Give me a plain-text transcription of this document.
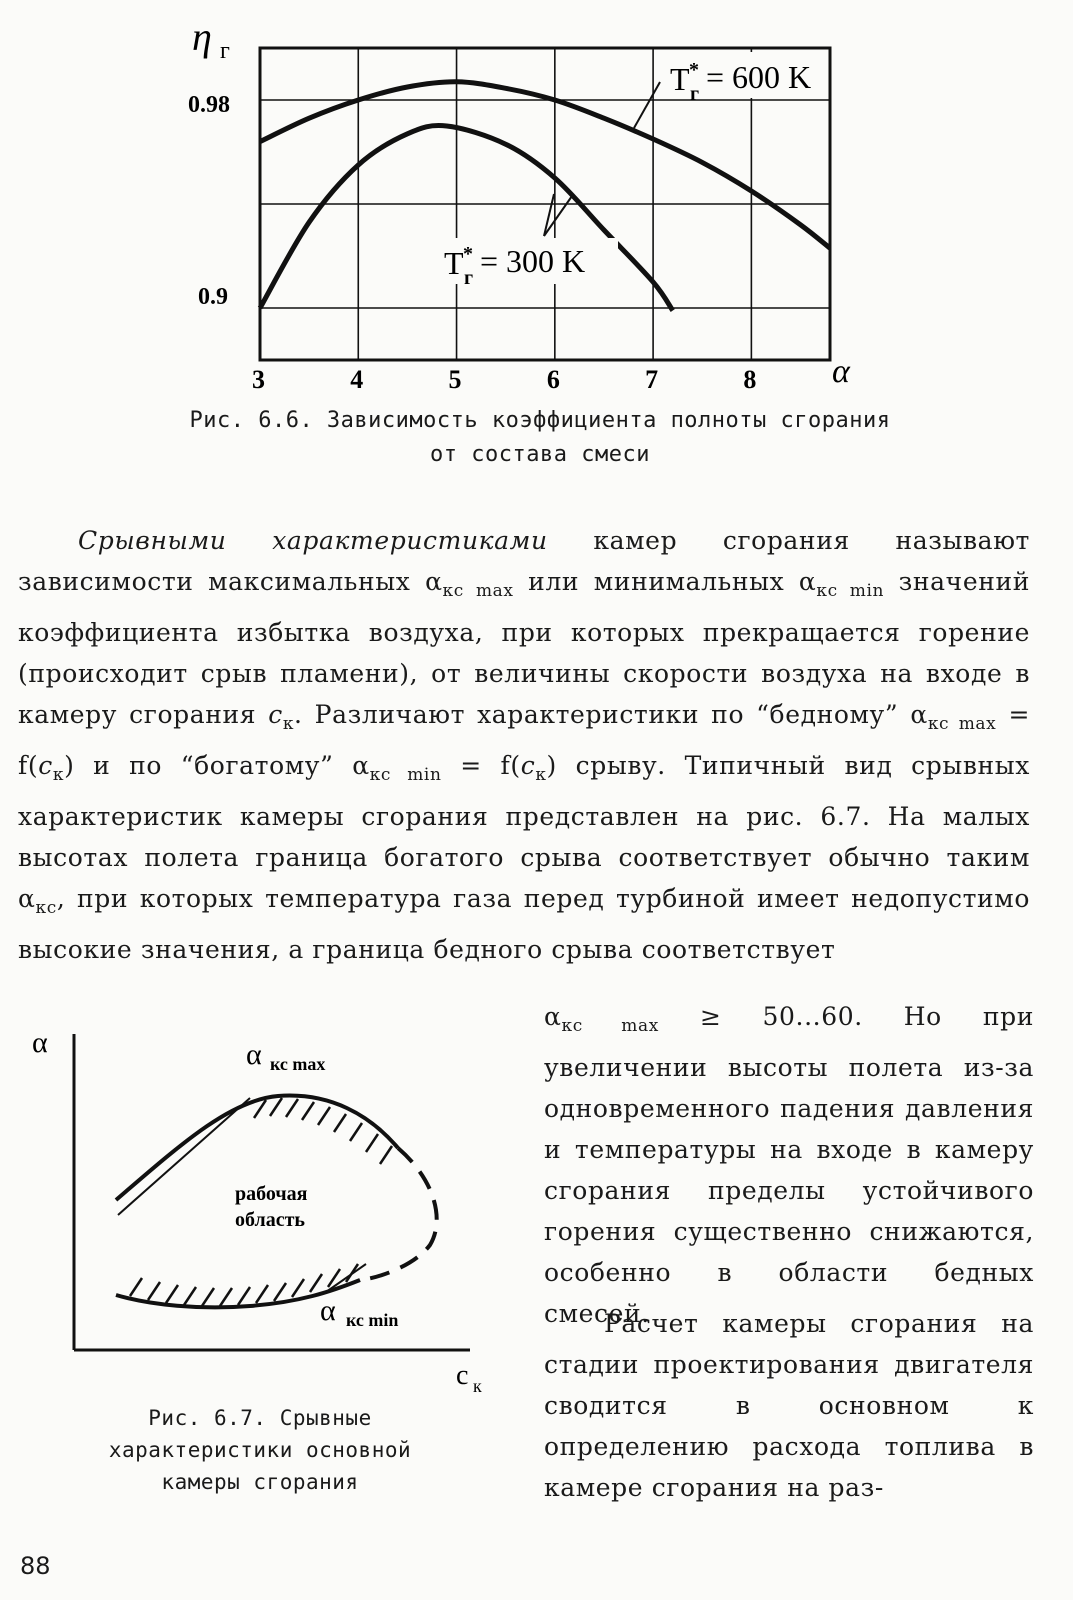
η г
0.98
0.9
3	4	5	6	7	8 α
T *
г = 600 K
T *
г = 300 K
Рис. 6.6. Зависимость коэффициента полноты сгорания
от состава смеси
Срывными характеристиками камер сгорания называют зависимости максимальных $\alpha_{кс max}$ или минимальных $\alpha_{кс min}$ значений коэффициента избытка воздуха, при которых прекращается горение (происходит срыв пламени), от величины скорости воздуха на входе в камеру сгорания $c_к$. Различают характеристики по “бедному” $\alpha_{кс max} = f(c_к)$ и по “богатому” $\alpha_{кс min} = f(c_к)$ срыву. Типичный вид срывных характеристик камеры сгорания представлен на рис. 6.7. На малых высотах полета граница богатого срыва соответствует обычно таким $\alpha_{кс}$, при которых температура газа перед турбиной имеет недопустимо высокие значения, а граница бедного срыва соответствует
$\alpha_{кс max} \ge 50...60$. Но при увеличении высоты полета из-за одновременного падения давления и температуры на входе в камеру сгорания пределы устойчивого горения существенно снижаются, особенно в области бедных смесей.
Расчет камеры сгорания на стадии проектирования двигателя сводится в основном к определению расхода топлива в камере сгорания на раз-
α
c к
α кс max
α кс min
рабочая
область
Рис. 6.7. Срывные
характеристики основной
камеры сгорания
88
